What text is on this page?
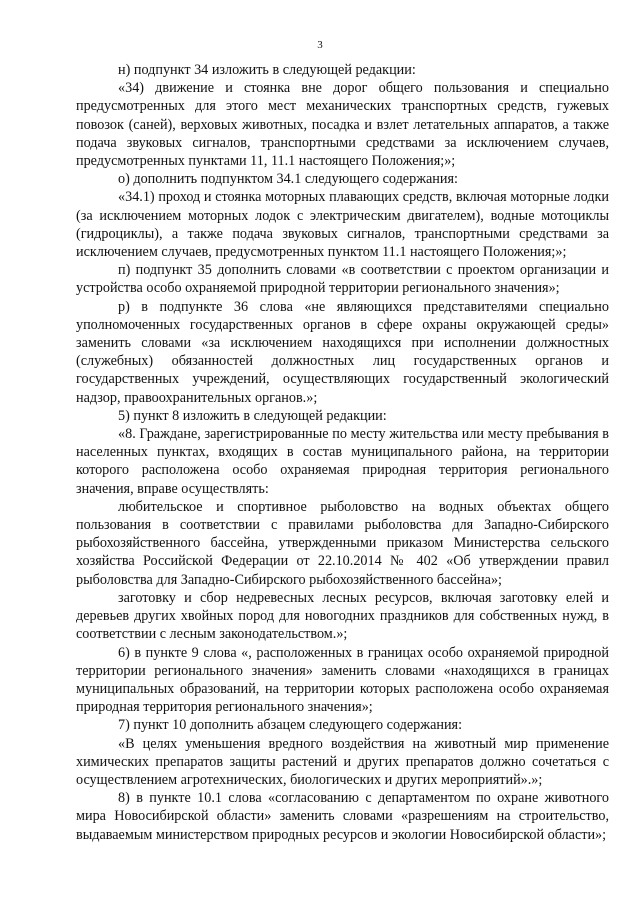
3

н) подпункт 34 изложить в следующей редакции:

«34) движение и стоянка вне дорог общего пользования и специально предусмотренных для этого мест механических транспортных средств, гужевых повозок (саней), верховых животных, посадка и взлет летательных аппаратов, а также подача звуковых сигналов, транспортными средствами за исключением случаев, предусмотренных пунктами 11, 11.1 настоящего Положения;»;

о) дополнить подпунктом 34.1 следующего содержания:

«34.1) проход и стоянка моторных плавающих средств, включая моторные лодки (за исключением моторных лодок с электрическим двигателем), водные мотоциклы (гидроциклы), а также подача звуковых сигналов, транспортными средствами за исключением случаев, предусмотренных пунктом 11.1 настоящего Положения;»;

п) подпункт 35 дополнить словами «в соответствии с проектом организации и устройства особо охраняемой природной территории регионального значения»;

р) в подпункте 36 слова «не являющихся представителями специально уполномоченных государственных органов в сфере охраны окружающей среды» заменить словами «за исключением находящихся при исполнении должностных (служебных) обязанностей должностных лиц государственных органов и государственных учреждений, осуществляющих государственный экологический надзор, правоохранительных органов.»;

5) пункт 8 изложить в следующей редакции:

«8. Граждане, зарегистрированные по месту жительства или месту пребывания в населенных пунктах, входящих в состав муниципального района, на территории которого расположена особо охраняемая природная территория регионального значения, вправе осуществлять:

любительское и спортивное рыболовство на водных объектах общего пользования в соответствии с правилами рыболовства для Западно-Сибирского рыбохозяйственного бассейна, утвержденными приказом Министерства сельского хозяйства Российской Федерации от 22.10.2014 № 402 «Об утверждении правил рыболовства для Западно-Сибирского рыбохозяйственного бассейна»;

заготовку и сбор недревесных лесных ресурсов, включая заготовку елей и деревьев других хвойных пород для новогодних праздников для собственных нужд, в соответствии с лесным законодательством.»;

6) в пункте 9 слова «, расположенных в границах особо охраняемой природной территории регионального значения» заменить словами «находящихся в границах муниципальных образований, на территории которых расположена особо охраняемая природная территория регионального значения»;

7) пункт 10 дополнить абзацем следующего содержания:

«В целях уменьшения вредного воздействия на животный мир применение химических препаратов защиты растений и других препаратов должно сочетаться с осуществлением агротехнических, биологических и других мероприятий».»;

8) в пункте 10.1 слова «согласованию с департаментом по охране животного мира Новосибирской области» заменить словами «разрешениям на строительство, выдаваемым министерством природных ресурсов и экологии Новосибирской области»;
